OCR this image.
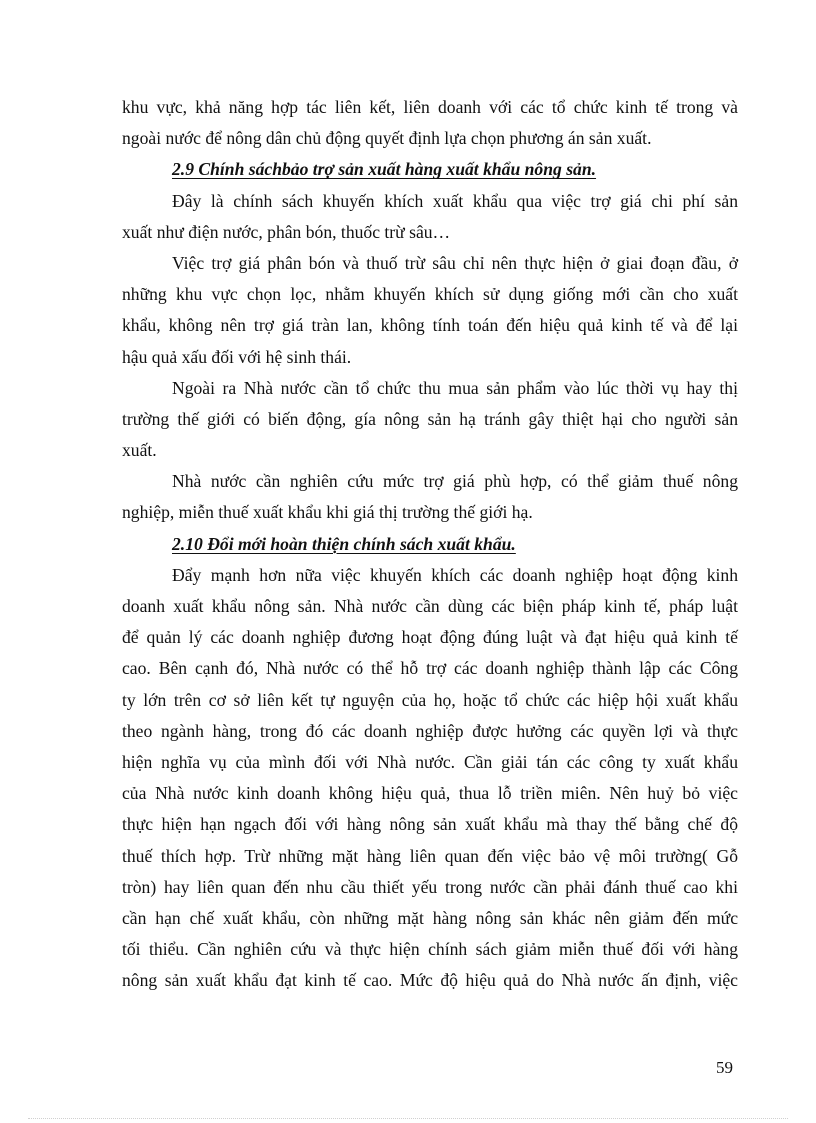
khu vực, khả năng hợp tác liên kết, liên doanh với các tổ chức kinh tế trong và
ngoài nước để nông dân chủ động quyết định lựa chọn phương án sản xuất.
2.9 Chính sáchbảo trợ sản xuất hàng xuất khẩu nông sản.
Đây là chính sách khuyến khích xuất khẩu qua việc trợ giá chi phí sản
xuất như điện nước, phân bón, thuốc trừ sâu…
Việc trợ giá phân bón và thuố trừ sâu chỉ nên thực hiện ở giai đoạn đầu, ở
những khu vực chọn lọc, nhằm khuyến khích sử dụng giống mới cần cho xuất
khẩu, không nên trợ giá tràn lan, không tính toán đến hiệu quả kinh tế và để lại
hậu quả xấu đối với hệ sinh thái.
Ngoài ra Nhà nước cần tổ chức thu mua sản phẩm vào lúc thời vụ hay thị
trường thế giới có biến động, gía nông sản hạ tránh gây thiệt hại cho người sản
xuất.
Nhà nước cần nghiên cứu mức trợ giá phù hợp, có thể giảm thuế nông
nghiệp, miễn thuế xuất khẩu khi giá thị trường thế giới hạ.
2.10 Đổi mới hoàn thiện chính sách xuất khẩu.
Đẩy mạnh hơn nữa việc khuyến khích các doanh nghiệp hoạt động kinh
doanh xuất khẩu nông sản. Nhà nước cần dùng các biện pháp kinh tế, pháp luật
để quản lý các doanh nghiệp đương hoạt động đúng luật và đạt hiệu quả kinh tế
cao. Bên cạnh đó, Nhà nước có thể hỗ trợ các doanh nghiệp thành lập các Công
ty lớn trên cơ sở liên kết tự nguyện của họ, hoặc tổ chức các hiệp hội xuất khẩu
theo ngành hàng, trong đó các doanh nghiệp được hưởng các quyền lợi và thực
hiện nghĩa vụ của mình đối với Nhà nước. Cần giải tán các công ty xuất khẩu
của Nhà nước kinh doanh không hiệu quả, thua lỗ triền miên. Nên huỷ bỏ việc
thực hiện hạn ngạch đối với hàng nông sản xuất khẩu mà thay thế bằng chế độ
thuế thích hợp. Trừ những mặt hàng liên quan đến việc bảo vệ môi trường( Gỗ
tròn) hay liên quan đến nhu cầu thiết yếu trong nước cần phải đánh thuế cao khi
cần hạn chế xuất khẩu, còn những mặt hàng nông sản khác nên giảm đến mức
tối thiểu. Cần nghiên cứu và thực hiện chính sách giảm miễn thuế đối với hàng
nông sản xuất khẩu đạt kinh tế cao. Mức độ hiệu quả do Nhà nước ấn định, việc
59
